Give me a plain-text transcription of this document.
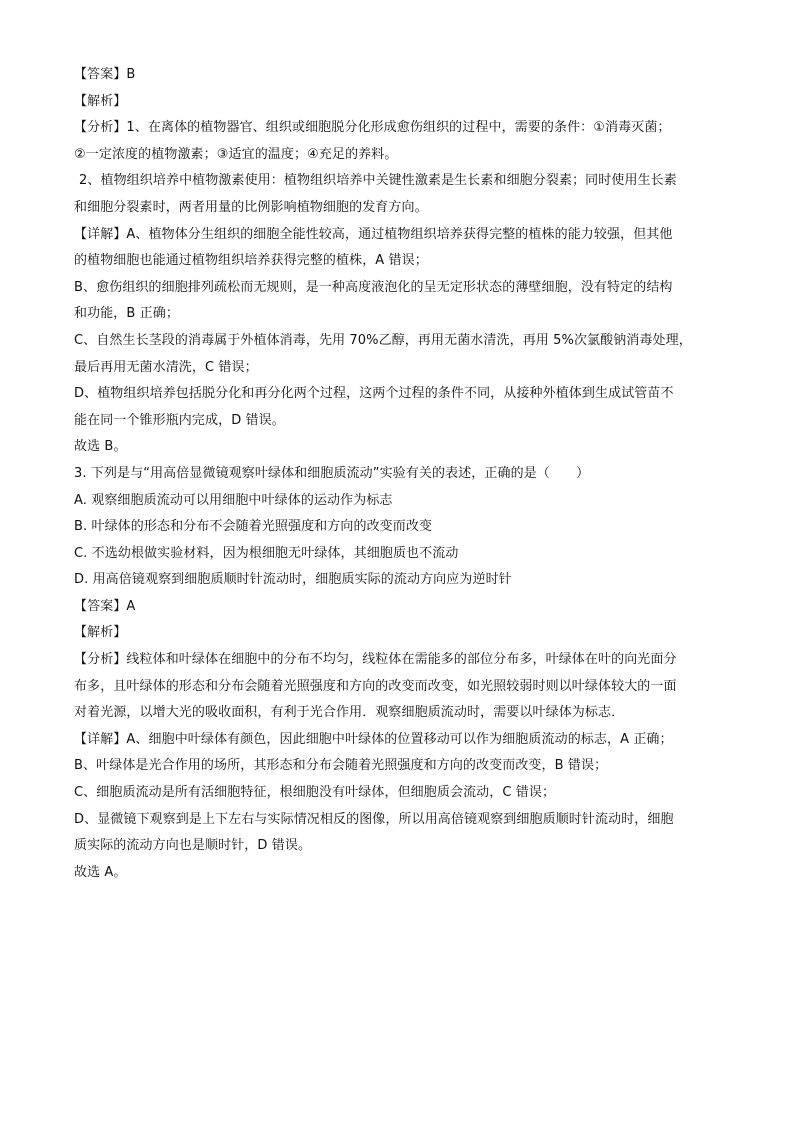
【答案】B
【解析】
【分析】1、在离体的植物器官、组织或细胞脱分化形成愈伤组织的过程中，需要的条件：①消毒灭菌；
②一定浓度的植物激素；③适宜的温度；④充足的养料。
2、植物组织培养中植物激素使用：植物组织培养中关键性激素是生长素和细胞分裂素；同时使用生长素
和细胞分裂素时，两者用量的比例影响植物细胞的发育方向。
【详解】A、植物体分生组织的细胞全能性较高，通过植物组织培养获得完整的植株的能力较强，但其他
的植物细胞也能通过植物组织培养获得完整的植株，A 错误；
B、愈伤组织的细胞排列疏松而无规则，是一种高度液泡化的呈无定形状态的薄壁细胞，没有特定的结构
和功能，B 正确；
C、自然生长茎段的消毒属于外植体消毒，先用 70%乙醇，再用无菌水清洗，再用 5%次氯酸钠消毒处理，
最后再用无菌水清洗，C 错误；
D、植物组织培养包括脱分化和再分化两个过程，这两个过程的条件不同，从接种外植体到生成试管苗不
能在同一个锥形瓶内完成，D 错误。
故选 B。
3. 下列是与“用高倍显微镜观察叶绿体和细胞质流动”实验有关的表述，正确的是（　　）
A. 观察细胞质流动可以用细胞中叶绿体的运动作为标志
B. 叶绿体的形态和分布不会随着光照强度和方向的改变而改变
C. 不选幼根做实验材料，因为根细胞无叶绿体，其细胞质也不流动
D. 用高倍镜观察到细胞质顺时针流动时，细胞质实际的流动方向应为逆时针
【答案】A
【解析】
【分析】线粒体和叶绿体在细胞中的分布不均匀，线粒体在需能多的部位分布多，叶绿体在叶的向光面分
布多，且叶绿体的形态和分布会随着光照强度和方向的改变而改变，如光照较弱时则以叶绿体较大的一面
对着光源，以增大光的吸收面积，有利于光合作用．观察细胞质流动时，需要以叶绿体为标志．
【详解】A、细胞中叶绿体有颜色，因此细胞中叶绿体的位置移动可以作为细胞质流动的标志，A 正确；
B、叶绿体是光合作用的场所，其形态和分布会随着光照强度和方向的改变而改变，B 错误；
C、细胞质流动是所有活细胞特征，根细胞没有叶绿体，但细胞质会流动，C 错误；
D、显微镜下观察到是上下左右与实际情况相反的图像，所以用高倍镜观察到细胞质顺时针流动时，细胞
质实际的流动方向也是顺时针，D 错误。
故选 A。
